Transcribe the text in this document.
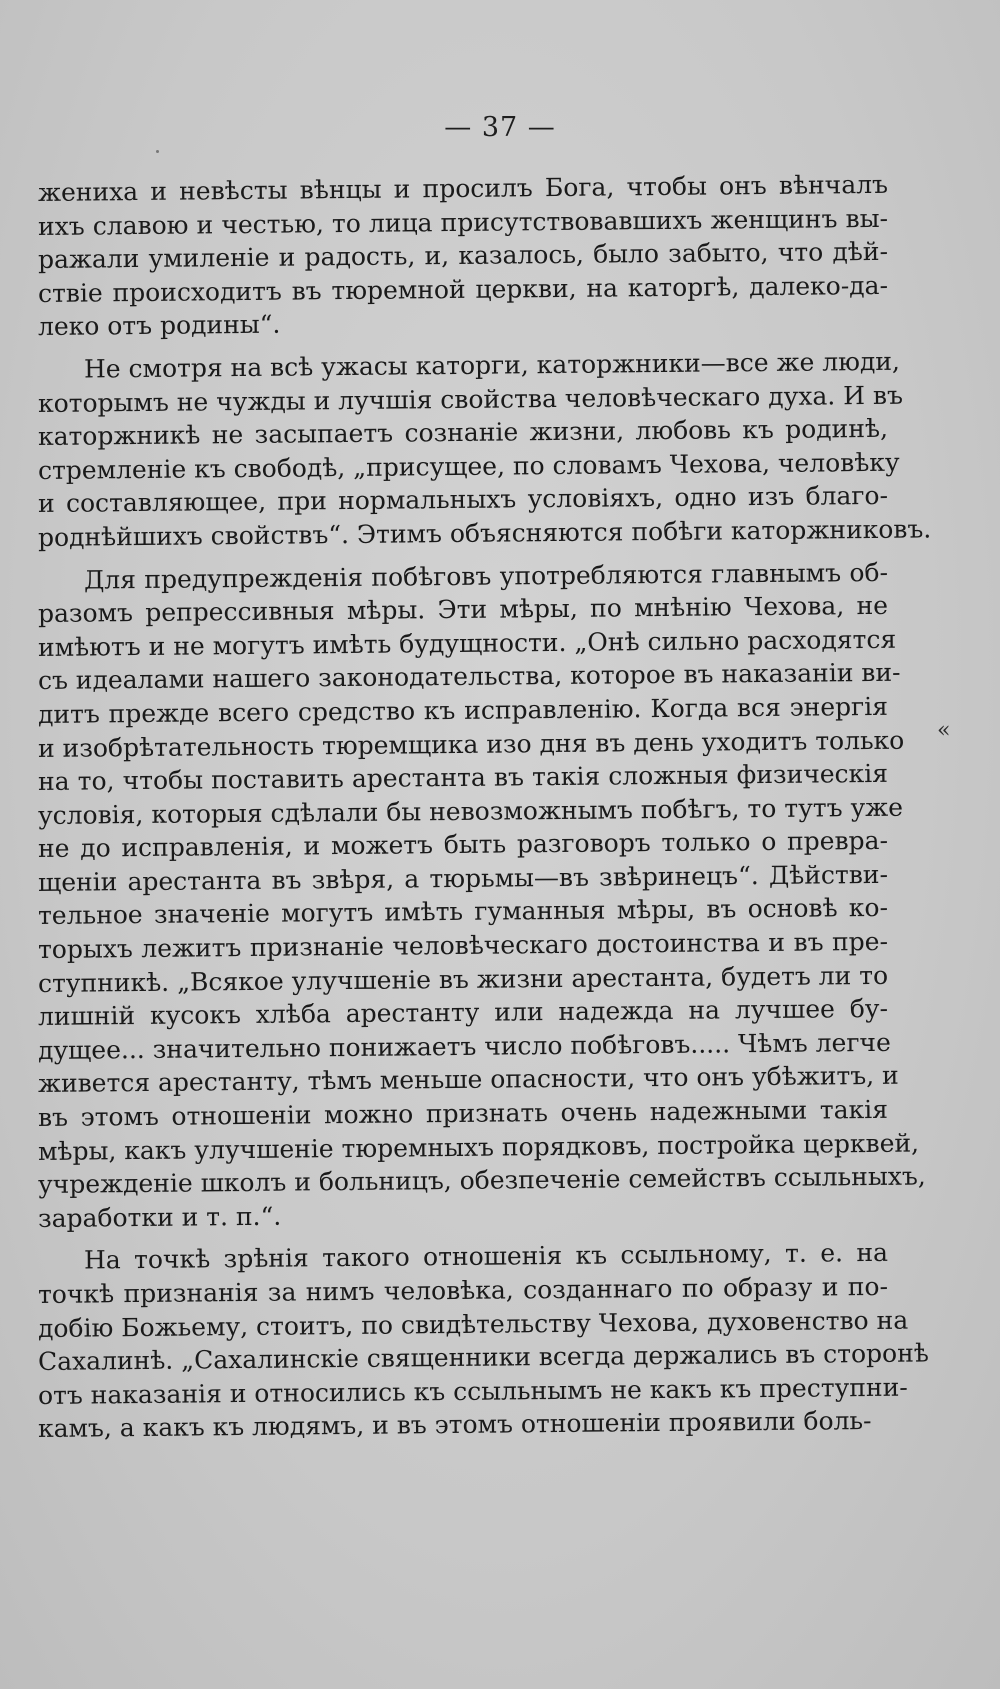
— 37 —
жениха и невѣсты вѣнцы и просилъ Бога, чтобы онъ вѣнчалъ
ихъ славою и честью, то лица присутствовавшихъ женщинъ вы-
ражали умиленіе и радость, и, казалось, было забыто, что дѣй-
ствіе происходитъ въ тюремной церкви, на каторгѣ, далеко-да-
леко отъ родины“.
Не смотря на всѣ ужасы каторги, каторжники—все же люди,
которымъ не чужды и лучшія свойства человѣческаго духа. И въ
каторжникѣ не засыпаетъ сознаніе жизни, любовь къ родинѣ,
стремленіе къ свободѣ, „присущее, по словамъ Чехова, человѣку
и составляющее, при нормальныхъ условіяхъ, одно изъ благо-
роднѣйшихъ свойствъ“. Этимъ объясняются побѣги каторжниковъ.
Для предупрежденія побѣговъ употребляются главнымъ об-
разомъ репрессивныя мѣры. Эти мѣры, по мнѣнію Чехова, не
имѣютъ и не могутъ имѣть будущности. „Онѣ сильно расходятся
съ идеалами нашего законодательства, которое въ наказаніи ви-
дитъ прежде всего средство къ исправленію. Когда вся энергія
и изобрѣтательность тюремщика изо дня въ день уходитъ только
на то, чтобы поставить арестанта въ такія сложныя физическія
условія, которыя сдѣлали бы невозможнымъ побѣгъ, то тутъ уже
не до исправленія, и можетъ быть разговоръ только о превра-
щеніи арестанта въ звѣря, а тюрьмы—въ звѣринецъ“. Дѣйстви-
тельное значеніе могутъ имѣть гуманныя мѣры, въ основѣ ко-
торыхъ лежитъ признаніе человѣческаго достоинства и въ пре-
ступникѣ. „Всякое улучшеніе въ жизни арестанта, будетъ ли то
лишній кусокъ хлѣба арестанту или надежда на лучшее бу-
дущее... значительно понижаетъ число побѣговъ..... Чѣмъ легче
живется арестанту, тѣмъ меньше опасности, что онъ убѣжитъ, и
въ этомъ отношеніи можно признать очень надежными такія
мѣры, какъ улучшеніе тюремныхъ порядковъ, постройка церквей,
учрежденіе школъ и больницъ, обезпеченіе семействъ ссыльныхъ,
заработки и т. п.“.
На точкѣ зрѣнія такого отношенія къ ссыльному, т. е. на
точкѣ признанія за нимъ человѣка, созданнаго по образу и по-
добію Божьему, стоитъ, по свидѣтельству Чехова, духовенство на
Сахалинѣ. „Сахалинскіе священники всегда держались въ сторонѣ
отъ наказанія и относились къ ссыльнымъ не какъ къ преступни-
камъ, а какъ къ людямъ, и въ этомъ отношеніи проявили боль-
«
